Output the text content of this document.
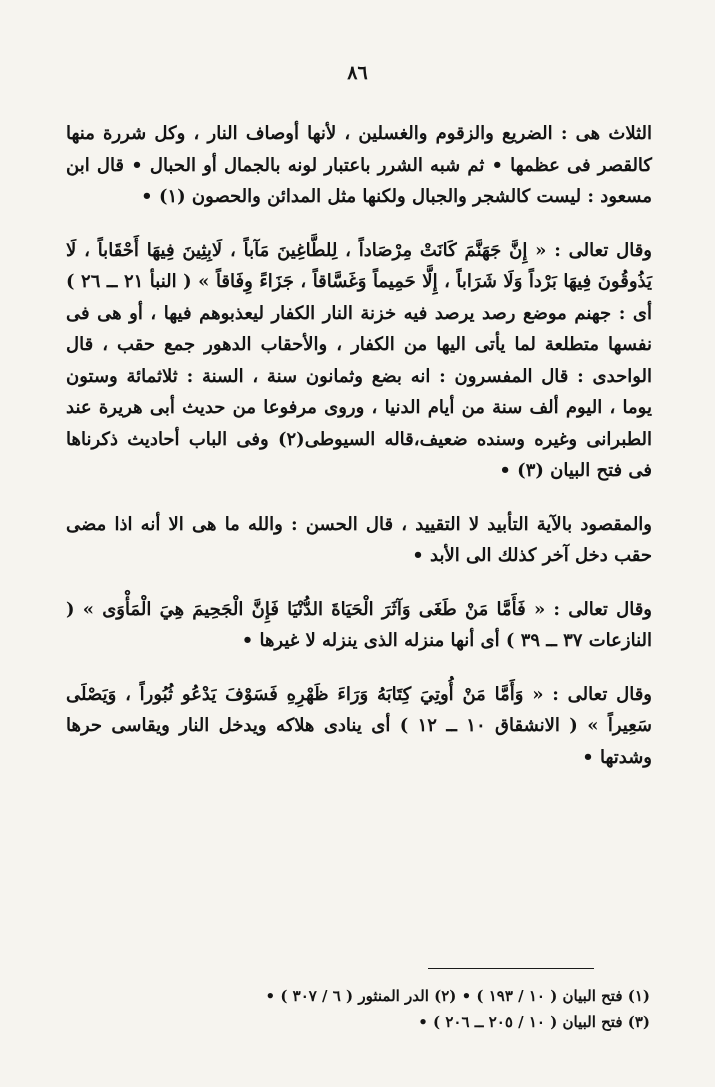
٨٦

الثلاث هى : الضريع والزقوم والغسلين ، لأنها أوصاف النار ، وكل شررة منها كالقصر فى عظمها • ثم شبه الشرر باعتبار لونه بالجمال أو الحبال • قال ابن مسعود : ليست كالشجر والجبال ولكنها مثل المدائن والحصون (١) •

وقال تعالى : « إِنَّ جَهَنَّمَ كَانَتْ مِرْصَاداً ، لِلطَّاغِينَ مَآباً ، لَابِثِينَ فِيهَا أَحْقَاباً ، لَا يَذُوقُونَ فِيهَا بَرْداً وَلَا شَرَاباً ، إِلَّا حَمِيماً وَغَسَّاقاً ، جَزَاءً وِفَاقاً » ( النبأ ٢١ ــ ٢٦ ) أى : جهنم موضع رصد يرصد فيه خزنة النار الكفار ليعذبوهم فيها ، أو هى فى نفسها متطلعة لما يأتى اليها من الكفار ، والأحقاب الدهور جمع حقب ، قال الواحدى : قال المفسرون : انه بضع وثمانون سنة ، السنة : ثلاثمائة وستون يوما ، اليوم ألف سنة من أيام الدنيا ، وروى مرفوعا من حديث أبى هريرة عند الطبرانى وغيره وسنده ضعيف،قاله السيوطى(٢) وفى الباب أحاديث ذكرناها فى فتح البيان (٣) •

والمقصود بالآية التأبيد لا التقييد ، قال الحسن : والله ما هى الا أنه اذا مضى حقب دخل آخر كذلك الى الأبد •

وقال تعالى : « فَأَمَّا مَنْ طَغَى وَآثَرَ الْحَيَاةَ الدُّنْيَا فَإِنَّ الْجَحِيمَ هِيَ الْمَأْوَى » ( النازعات ٣٧ ــ ٣٩ ) أى أنها منزله الذى ينزله لا غيرها •

وقال تعالى : « وَأَمَّا مَنْ أُوتِيَ كِتَابَهُ وَرَاءَ ظَهْرِهِ فَسَوْفَ يَدْعُو ثُبُوراً ، وَيَصْلَى سَعِيراً » ( الانشقاق ١٠ ــ ١٢ ) أى ينادى هلاكه ويدخل النار ويقاسى حرها وشدتها •

(١) فتح البيان ( ١٠ / ١٩٣ ) • (٢) الدر المنثور ( ٦ / ٣٠٧ ) •
(٣) فتح البيان ( ١٠ / ٢٠٥ ــ ٢٠٦ ) •
